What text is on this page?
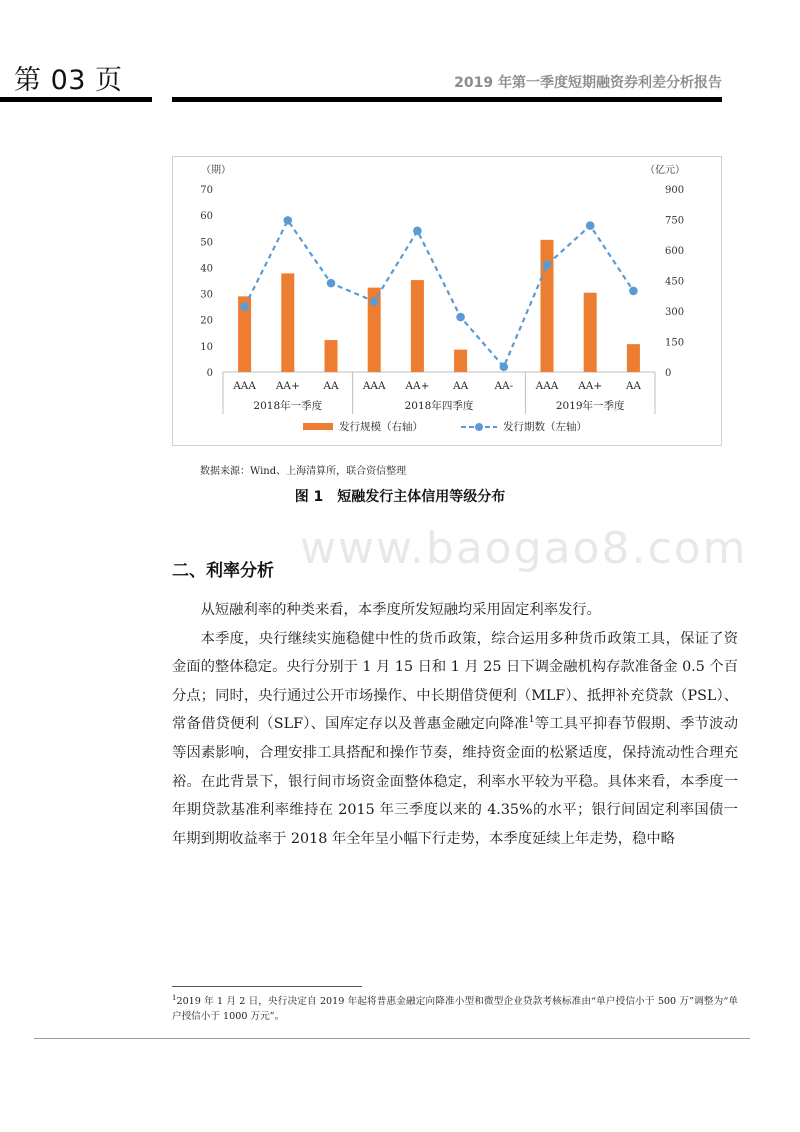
第 03 页	2019 年第一季度短期融资券利差分析报告
（期）	（亿元）
0
10
20
30
40
50
60
70
0
150
300
450
600
750
900
AAA AA+ AA AAA AA+ AA	AA- AAA AA+ AA
2018年一季度	2018年四季度	2019年一季度
发行规模（右轴）	发行期数（左轴）
数据来源：Wind、上海清算所，联合资信整理
图 1　短融发行主体信用等级分布
www.baogao8.com
二、利率分析

从短融利率的种类来看，本季度所发短融均采用固定利率发行。

本季度，央行继续实施稳健中性的货币政策，综合运用多种货币政策工具，保证了资金面的整体稳定。央行分别于 1 月 15 日和 1 月 25 日下调金融机构存款准备金 0.5 个百分点；同时，央行通过公开市场操作、中长期借贷便利（MLF）、抵押补充贷款（PSL）、常备借贷便利（SLF）、国库定存以及普惠金融定向降准$^1$等工具平抑春节假期、季节波动等因素影响，合理安排工具搭配和操作节奏，维持资金面的松紧适度，保持流动性合理充裕。在此背景下，银行间市场资金面整体稳定，利率水平较为平稳。具体来看，本季度一年期贷款基准利率维持在 2015 年三季度以来的 4.35%的水平；银行间固定利率国债一年期到期收益率于 2018 年全年呈小幅下行走势，本季度延续上年走势，稳中略

$^1$2019 年 1 月 2 日，央行决定自 2019 年起将普惠金融定向降准小型和微型企业贷款考核标准由“单户授信小于 500 万”调整为“单户授信小于 1000 万元”。
